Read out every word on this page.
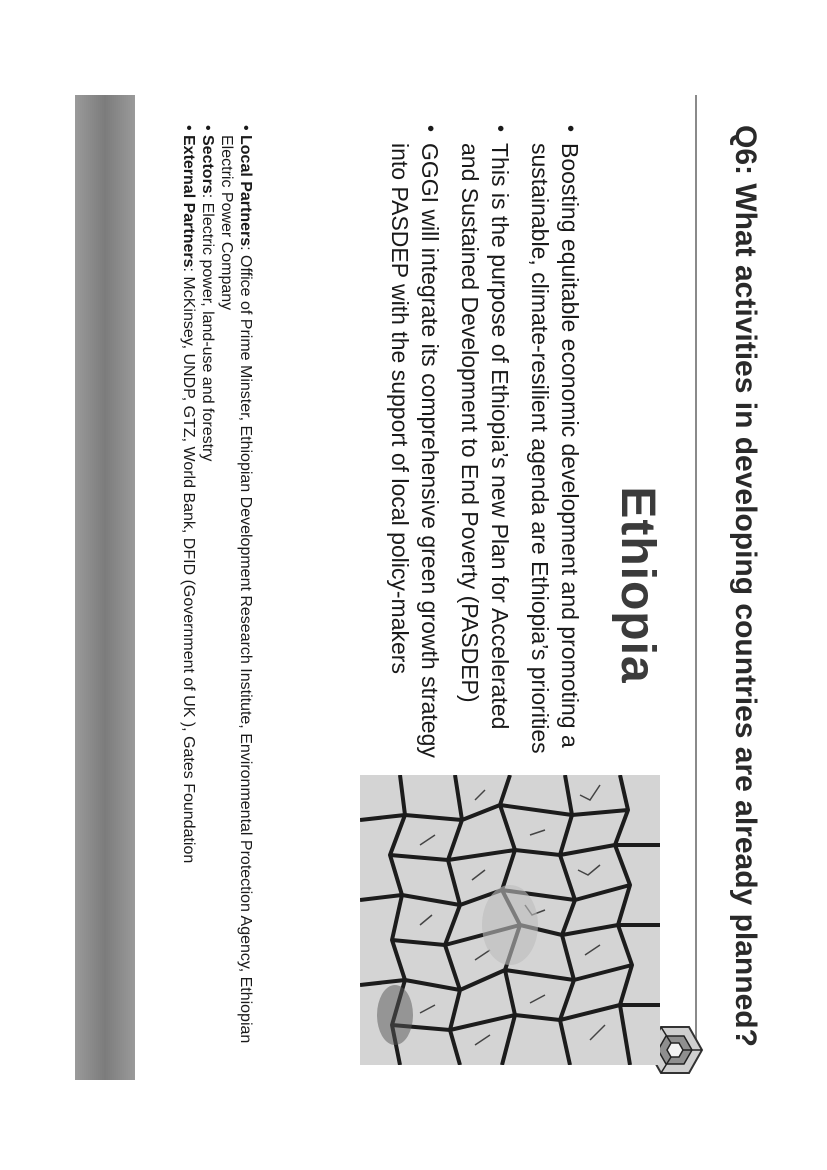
Q6: What activities in developing countries are already planned?
Ethiopia
• Boosting equitable economic development and promoting a sustainable, climate-resilient agenda are Ethiopia’s priorities
• This is the purpose of Ethiopia’s new Plan for Accelerated and Sustained Development to End Poverty (PASDEP)
• GGGI will integrate its comprehensive green growth strategy into PASDEP with the support of local policy-makers
• Local Partners: Office of Prime Minster, Ethiopian Development Research Institute, Environmental Protection Agency, Ethiopian Electric Power Company
• Sectors: Electric power, land-use and forestry
• External Partners: McKinsey, UNDP, GTZ, World Bank, DFID (Government of UK ), Gates Foundation
